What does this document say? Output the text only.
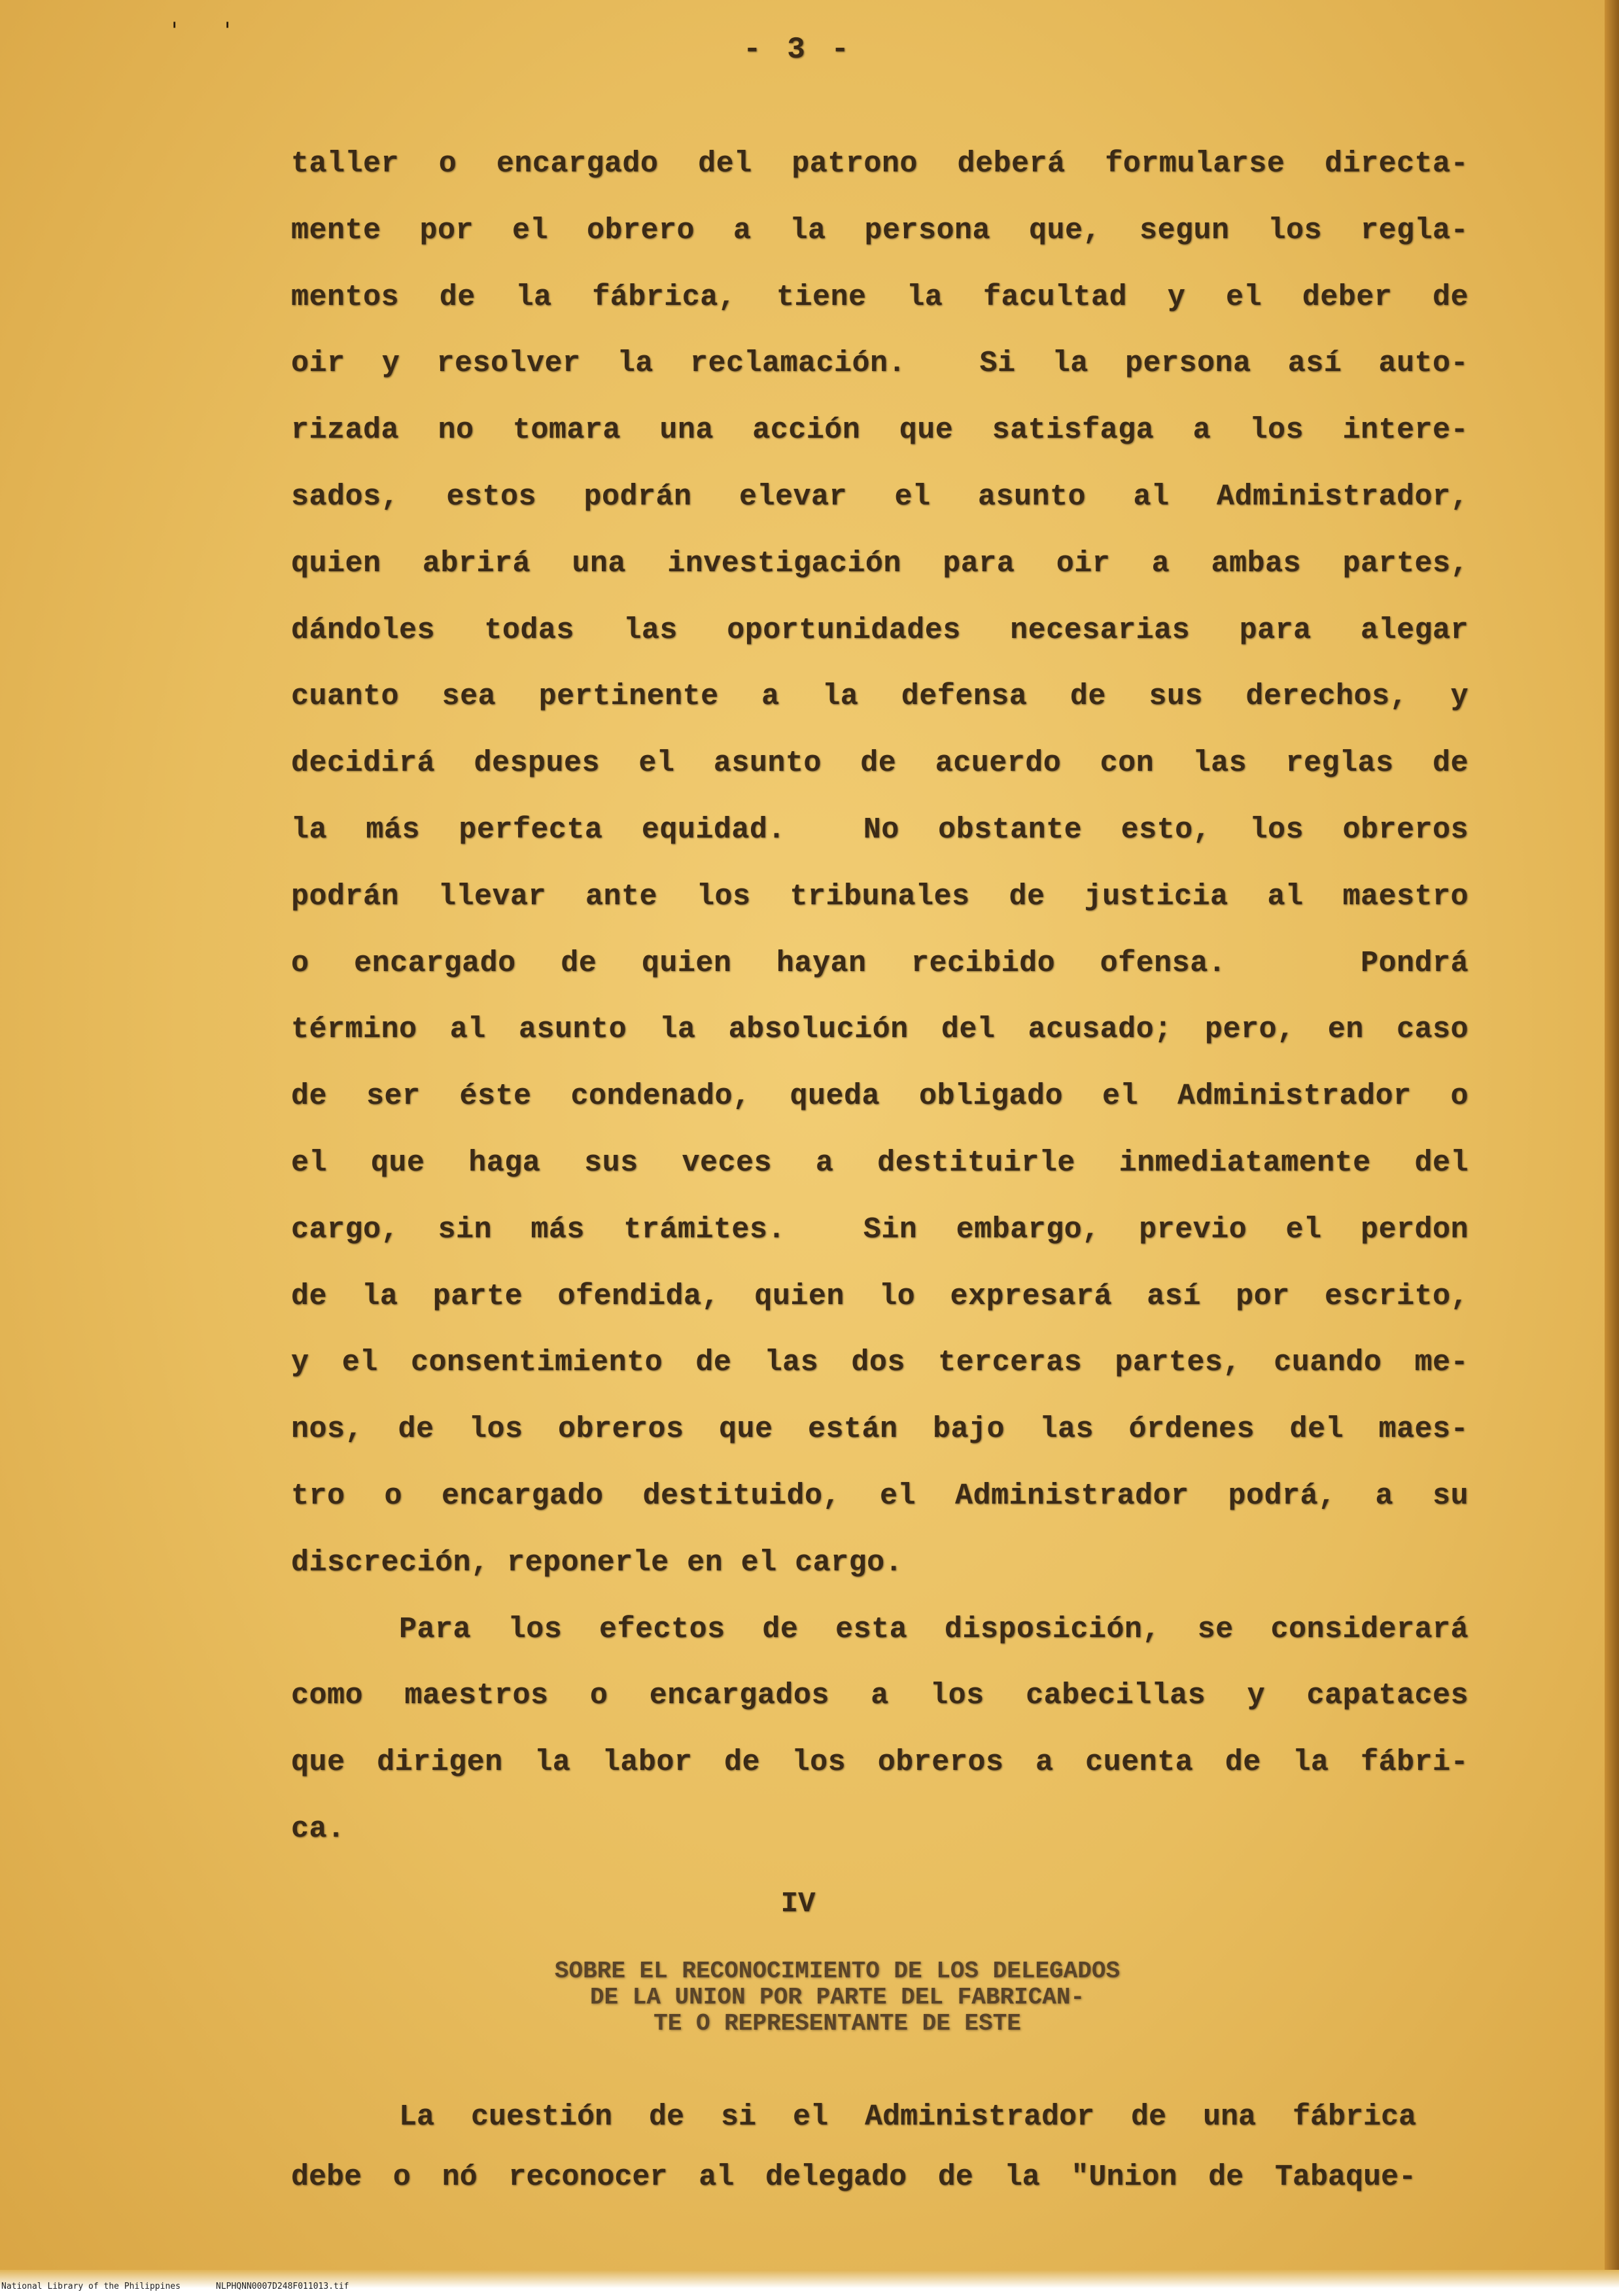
' '
- 3 -
taller o encargado del patrono deberá formularse directa-
mente por el obrero a la persona que, segun los regla-
mentos de la fábrica, tiene la facultad y el deber de
oir y resolver la reclamación.  Si la persona así auto-
rizada no tomara una acción que satisfaga a los intere-
sados, estos podrán elevar el asunto al Administrador,
quien abrirá una investigación para oir a ambas partes,
dándoles todas las oportunidades necesarias para alegar
cuanto sea pertinente a la defensa de sus derechos, y
decidirá despues el asunto de acuerdo con las reglas de
la más perfecta equidad.  No obstante esto, los obreros
podrán llevar ante los tribunales de justicia al maestro
o encargado de quien hayan recibido ofensa.   Pondrá
término al asunto la absolución del acusado; pero, en caso
de ser éste condenado, queda obligado el Administrador o
el que haga sus veces a destituirle inmediatamente del
cargo, sin más trámites.  Sin embargo, previo el perdon
de la parte ofendida, quien lo expresará así por escrito,
y el consentimiento de las dos terceras partes, cuando me-
nos, de los obreros que están bajo las órdenes del maes-
tro o encargado destituido, el Administrador podrá, a su
discreción, reponerle en el cargo.
Para los efectos de esta disposición, se considerará
como maestros o encargados a los cabecillas y capataces
que dirigen la labor de los obreros a cuenta de la fábri-
ca.
IV
SOBRE EL RECONOCIMIENTO DE LOS DELEGADOS
DE LA UNION POR PARTE DEL FABRICAN-
TE O REPRESENTANTE DE ESTE
La cuestión de si el Administrador de una fábrica
debe o nó reconocer al delegado de la "Union de Tabaque-
National Library of the Philippines	NLPHQNN0007D248F011013.tif
